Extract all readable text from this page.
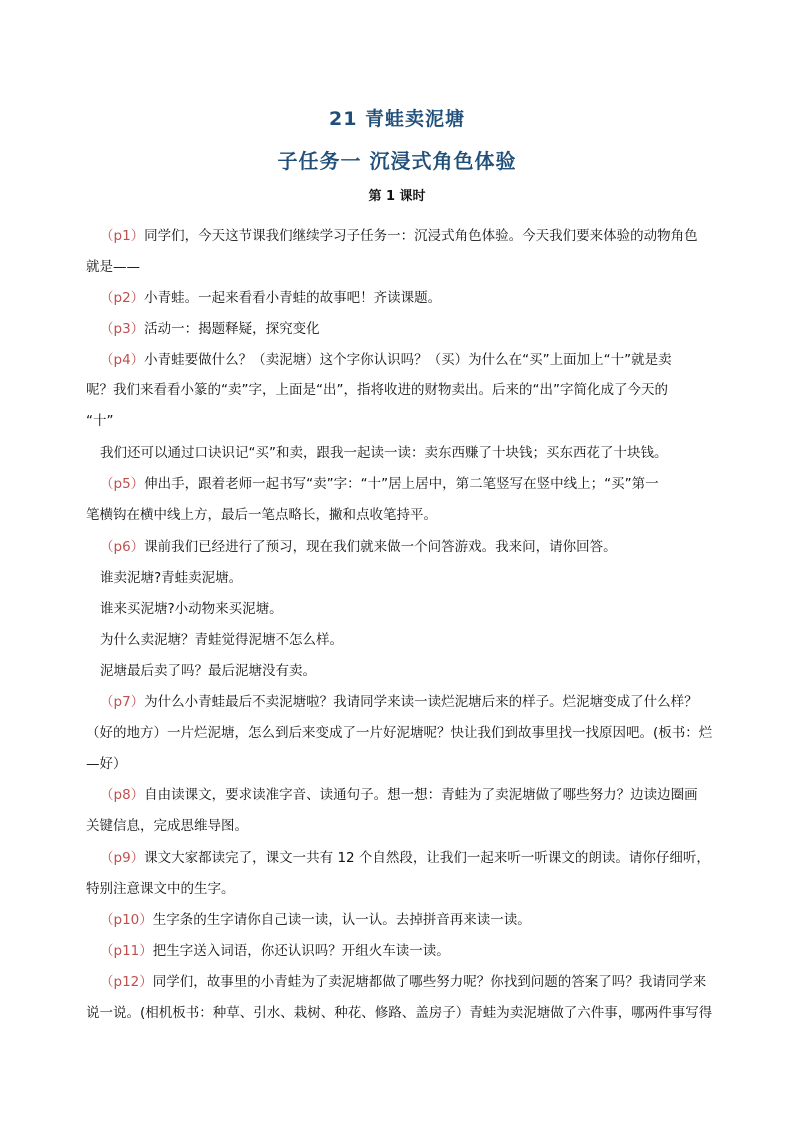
21 青蛙卖泥塘
子任务一 沉浸式角色体验
第 1 课时
（p1）同学们，今天这节课我们继续学习子任务一：沉浸式角色体验。今天我们要来体验的动物角色
就是——
（p2）小青蛙。一起来看看小青蛙的故事吧！齐读课题。
（p3）活动一：揭题释疑，探究变化
（p4）小青蛙要做什么？（卖泥塘）这个字你认识吗？（买）为什么在“买”上面加上“十”就是卖
呢？我们来看看小篆的“卖”字，上面是“出”，指将收进的财物卖出。后来的“出”字简化成了今天的
“十”
我们还可以通过口诀识记“买”和卖，跟我一起读一读：卖东西赚了十块钱；买东西花了十块钱。
（p5）伸出手，跟着老师一起书写“卖”字：“十”居上居中，第二笔竖写在竖中线上；“买”第一
笔横钩在横中线上方，最后一笔点略长，撇和点收笔持平。
（p6）课前我们已经进行了预习，现在我们就来做一个问答游戏。我来问，请你回答。
谁卖泥塘?青蛙卖泥塘。
谁来买泥塘?小动物来买泥塘。
为什么卖泥塘？青蛙觉得泥塘不怎么样。
泥塘最后卖了吗？最后泥塘没有卖。
（p7）为什么小青蛙最后不卖泥塘啦？我请同学来读一读烂泥塘后来的样子。烂泥塘变成了什么样？
（好的地方）一片烂泥塘，怎么到后来变成了一片好泥塘呢？快让我们到故事里找一找原因吧。(板书：烂
—好）
（p8）自由读课文，要求读准字音、读通句子。想一想：青蛙为了卖泥塘做了哪些努力？边读边圈画
关键信息，完成思维导图。
（p9）课文大家都读完了，课文一共有 12 个自然段，让我们一起来听一听课文的朗读。请你仔细听，
特别注意课文中的生字。
（p10）生字条的生字请你自己读一读，认一认。去掉拼音再来读一读。
（p11）把生字送入词语，你还认识吗？开组火车读一读。
（p12）同学们，故事里的小青蛙为了卖泥塘都做了哪些努力呢？你找到问题的答案了吗？我请同学来
说一说。(相机板书：种草、引水、栽树、种花、修路、盖房子）青蛙为卖泥塘做了六件事，哪两件事写得
